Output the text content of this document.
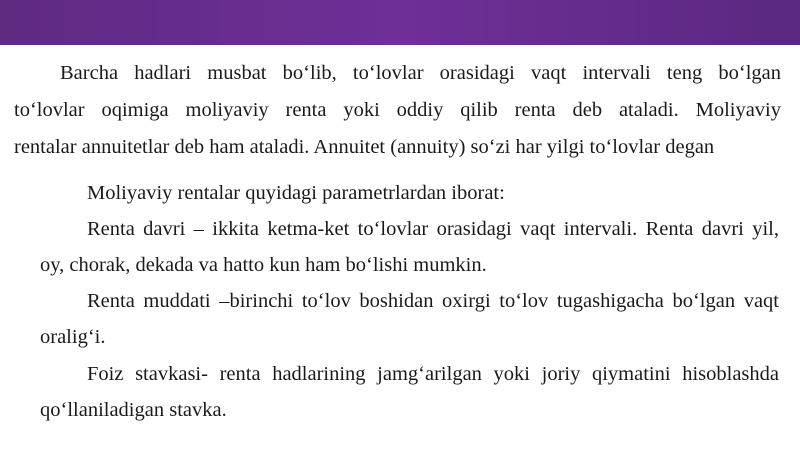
Barcha hadlari musbat bo‘lib, to‘lovlar orasidagi vaqt intervali teng bo‘lgan
to‘lovlar oqimiga moliyaviy renta yoki oddiy qilib renta deb ataladi. Moliyaviy
rentalar annuitetlar deb ham ataladi. Annuitet (annuity) so‘zi har yilgi to‘lovlar degan
Moliyaviy rentalar quyidagi parametrlardan iborat:
Renta davri – ikkita ketma-ket to‘lovlar orasidagi vaqt intervali. Renta davri yil,
oy, chorak, dekada va hatto kun ham bo‘lishi mumkin.
Renta muddati –birinchi to‘lov boshidan oxirgi to‘lov tugashigacha bo‘lgan vaqt
oralig‘i.
Foiz stavkasi- renta hadlarining jamg‘arilgan yoki joriy qiymatini hisoblashda
qo‘llaniladigan stavka.
